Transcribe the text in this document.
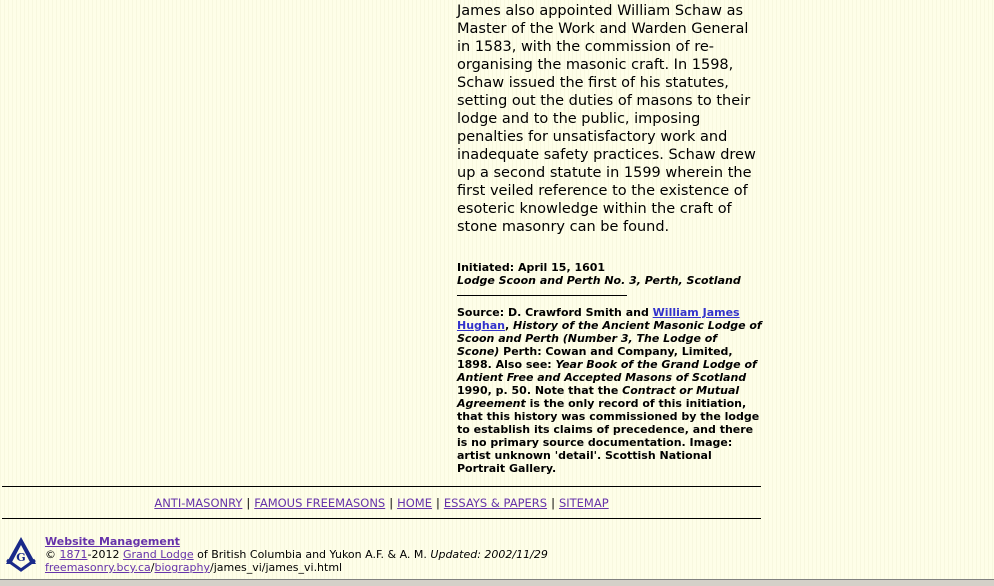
James also appointed William Schaw as Master of the Work and Warden General in 1583, with the commission of re-organising the masonic craft. In 1598, Schaw issued the first of his statutes, setting out the duties of masons to their lodge and to the public, imposing penalties for unsatisfactory work and inadequate safety practices. Schaw drew up a second statute in 1599 wherein the first veiled reference to the existence of esoteric knowledge within the craft of stone masonry can be found.

Initiated: April 15, 1601
Lodge Scoon and Perth No. 3, Perth, Scotland
Source: D. Crawford Smith and William James Hughan, History of the Ancient Masonic Lodge of Scoon and Perth (Number 3, The Lodge of Scone) Perth: Cowan and Company, Limited, 1898. Also see: Year Book of the Grand Lodge of Antient Free and Accepted Masons of Scotland 1990, p. 50. Note that the Contract or Mutual Agreement is the only record of this initiation, that this history was commissioned by the lodge to establish its claims of precedence, and there is no primary source documentation. Image: artist unknown 'detail'. Scottish National Portrait Gallery.
ANTI-MASONRY | FAMOUS FREEMASONS | HOME | ESSAYS & PAPERS | SITEMAP
G
Website Management
© 1871-2012 Grand Lodge of British Columbia and Yukon A.F. & A. M. Updated: 2002/11/29
freemasonry.bcy.ca/biography/james_vi/james_vi.html
